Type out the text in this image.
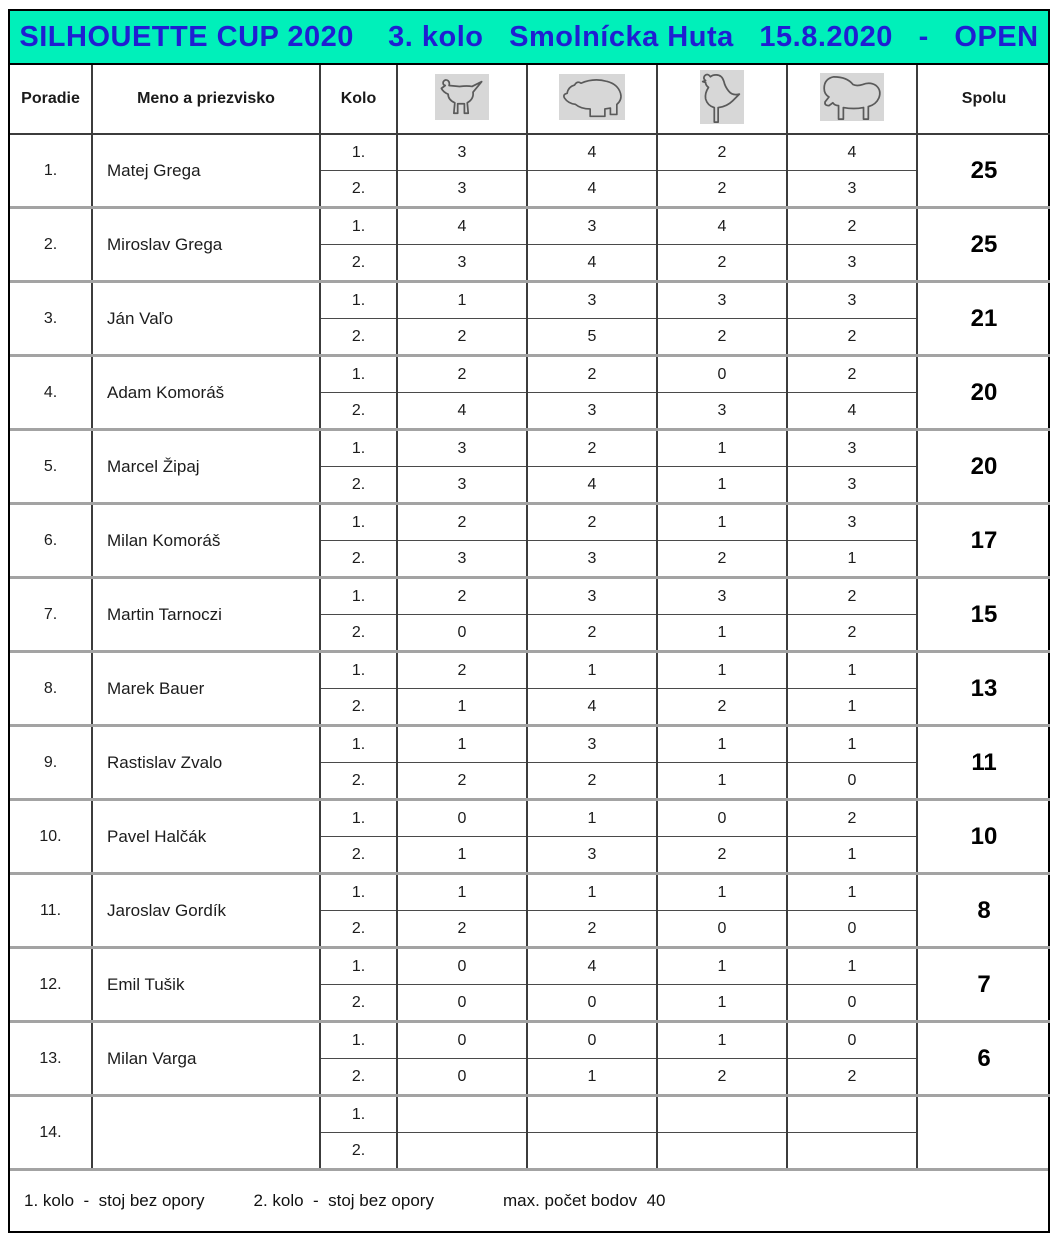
SILHOUETTE CUP 2020    3. kolo   Smolnícka Huta   15.8.2020   -   OPEN
Poradie	Meno a priezvisko	Kolo					Spolu
1.	Matej Grega	1.	3	4	2	4	25
		2.	3	4	2	3	
2.	Miroslav Grega	1.	4	3	4	2	25
		2.	3	4	2	3	
3.	Ján Vaľo	1.	1	3	3	3	21
		2.	2	5	2	2	
4.	Adam Komoráš	1.	2	2	0	2	20
		2.	4	3	3	4	
5.	Marcel Žipaj	1.	3	2	1	3	20
		2.	3	4	1	3	
6.	Milan Komoráš	1.	2	2	1	3	17
		2.	3	3	2	1	
7.	Martin Tarnoczi	1.	2	3	3	2	15
		2.	0	2	1	2	
8.	Marek Bauer	1.	2	1	1	1	13
		2.	1	4	2	1	
9.	Rastislav Zvalo	1.	1	3	1	1	11
		2.	2	2	1	0	
10.	Pavel Halčák	1.	0	1	0	2	10
		2.	1	3	2	1	
11.	Jaroslav Gordík	1.	1	1	1	1	8
		2.	2	2	0	0	
12.	Emil Tušik	1.	0	4	1	1	7
		2.	0	0	1	0	
13.	Milan Varga	1.	0	0	1	0	6
		2.	0	1	2	2	
14.		1.					
		2.					
1. kolo  -  stoj bez opory	2. kolo  -  stoj bez opory	max. počet bodov  40
